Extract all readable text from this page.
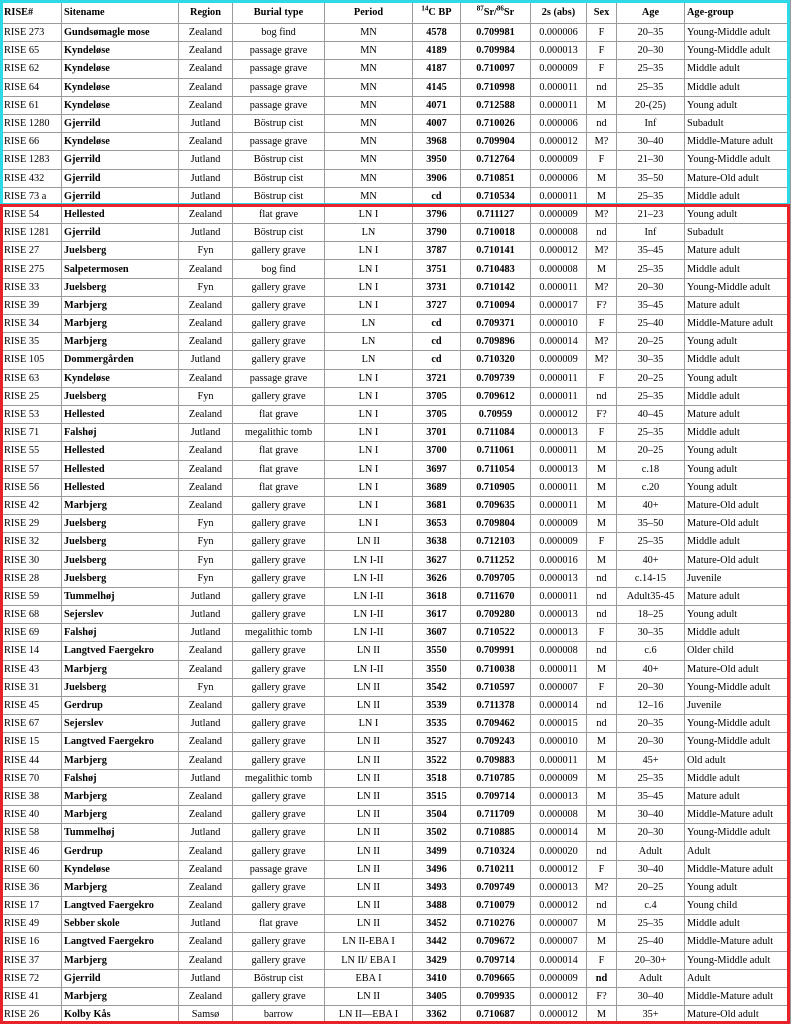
RISE#	Sitename	Region	Burial type	Period	$^{14}$C BP	$^{87}$Sr/$^{86}$Sr	2s (abs)	Sex	Age	Age-group
RISE 273	Gundsømagle mose	Zealand	bog find	MN	4578	0.709981	0.000006	F	20–35	Young-Middle adult
RISE 65	Kyndeløse	Zealand	passage grave	MN	4189	0.709984	0.000013	F	20–30	Young-Middle adult
RISE 62	Kyndeløse	Zealand	passage grave	MN	4187	0.710097	0.000009	F	25–35	Middle adult
RISE 64	Kyndeløse	Zealand	passage grave	MN	4145	0.710998	0.000011	nd	25–35	Middle adult
RISE 61	Kyndeløse	Zealand	passage grave	MN	4071	0.712588	0.000011	M	20-(25)	Young adult
RISE 1280	Gjerrild	Jutland	Böstrup cist	MN	4007	0.710026	0.000006	nd	Inf	Subadult
RISE 66	Kyndeløse	Zealand	passage grave	MN	3968	0.709904	0.000012	M?	30–40	Middle-Mature adult
RISE 1283	Gjerrild	Jutland	Böstrup cist	MN	3950	0.712764	0.000009	F	21–30	Young-Middle adult
RISE 432	Gjerrild	Jutland	Böstrup cist	MN	3906	0.710851	0.000006	M	35–50	Mature-Old adult
RISE 73 a	Gjerrild	Jutland	Böstrup cist	MN	cd	0.710534	0.000011	M	25–35	Middle adult
RISE 54	Hellested	Zealand	flat grave	LN I	3796	0.711127	0.000009	M?	21–23	Young adult
RISE 1281	Gjerrild	Jutland	Böstrup cist	LN	3790	0.710018	0.000008	nd	Inf	Subadult
RISE 27	Juelsberg	Fyn	gallery grave	LN I	3787	0.710141	0.000012	M?	35–45	Mature adult
RISE 275	Salpetermosen	Zealand	bog find	LN I	3751	0.710483	0.000008	M	25–35	Middle adult
RISE 33	Juelsberg	Fyn	gallery grave	LN I	3731	0.710142	0.000011	M?	20–30	Young-Middle adult
RISE 39	Marbjerg	Zealand	gallery grave	LN I	3727	0.710094	0.000017	F?	35–45	Mature adult
RISE 34	Marbjerg	Zealand	gallery grave	LN	cd	0.709371	0.000010	F	25–40	Middle-Mature adult
RISE 35	Marbjerg	Zealand	gallery grave	LN	cd	0.709896	0.000014	M?	20–25	Young adult
RISE 105	Dommergården	Jutland	gallery grave	LN	cd	0.710320	0.000009	M?	30–35	Middle adult
RISE 63	Kyndeløse	Zealand	passage grave	LN I	3721	0.709739	0.000011	F	20–25	Young adult
RISE 25	Juelsberg	Fyn	gallery grave	LN I	3705	0.709612	0.000011	nd	25–35	Middle adult
RISE 53	Hellested	Zealand	flat grave	LN I	3705	0.70959	0.000012	F?	40–45	Mature adult
RISE 71	Falshøj	Jutland	megalithic tomb	LN I	3701	0.711084	0.000013	F	25–35	Middle adult
RISE 55	Hellested	Zealand	flat grave	LN I	3700	0.711061	0.000011	M	20–25	Young adult
RISE 57	Hellested	Zealand	flat grave	LN I	3697	0.711054	0.000013	M	c.18	Young adult
RISE 56	Hellested	Zealand	flat grave	LN I	3689	0.710905	0.000011	M	c.20	Young adult
RISE 42	Marbjerg	Zealand	gallery grave	LN I	3681	0.709635	0.000011	M	40+	Mature-Old adult
RISE 29	Juelsberg	Fyn	gallery grave	LN I	3653	0.709804	0.000009	M	35–50	Mature-Old adult
RISE 32	Juelsberg	Fyn	gallery grave	LN II	3638	0.712103	0.000009	F	25–35	Middle adult
RISE 30	Juelsberg	Fyn	gallery grave	LN I-II	3627	0.711252	0.000016	M	40+	Mature-Old adult
RISE 28	Juelsberg	Fyn	gallery grave	LN I-II	3626	0.709705	0.000013	nd	c.14-15	Juvenile
RISE 59	Tummelhøj	Jutland	gallery grave	LN I-II	3618	0.711670	0.000011	nd	Adult35-45	Mature adult
RISE 68	Sejerslev	Jutland	gallery grave	LN I-II	3617	0.709280	0.000013	nd	18–25	Young adult
RISE 69	Falshøj	Jutland	megalithic tomb	LN I-II	3607	0.710522	0.000013	F	30–35	Middle adult
RISE 14	Langtved Faergekro	Zealand	gallery grave	LN II	3550	0.709991	0.000008	nd	c.6	Older child
RISE 43	Marbjerg	Zealand	gallery grave	LN I-II	3550	0.710038	0.000011	M	40+	Mature-Old adult
RISE 31	Juelsberg	Fyn	gallery grave	LN II	3542	0.710597	0.000007	F	20–30	Young-Middle adult
RISE 45	Gerdrup	Zealand	gallery grave	LN II	3539	0.711378	0.000014	nd	12–16	Juvenile
RISE 67	Sejerslev	Jutland	gallery grave	LN I	3535	0.709462	0.000015	nd	20–35	Young-Middle adult
RISE 15	Langtved Faergekro	Zealand	gallery grave	LN II	3527	0.709243	0.000010	M	20–30	Young-Middle adult
RISE 44	Marbjerg	Zealand	gallery grave	LN II	3522	0.709883	0.000011	M	45+	Old adult
RISE 70	Falshøj	Jutland	megalithic tomb	LN II	3518	0.710785	0.000009	M	25–35	Middle adult
RISE 38	Marbjerg	Zealand	gallery grave	LN II	3515	0.709714	0.000013	M	35–45	Mature adult
RISE 40	Marbjerg	Zealand	gallery grave	LN II	3504	0.711709	0.000008	M	30–40	Middle-Mature adult
RISE 58	Tummelhøj	Jutland	gallery grave	LN II	3502	0.710885	0.000014	M	20–30	Young-Middle adult
RISE 46	Gerdrup	Zealand	gallery grave	LN II	3499	0.710324	0.000020	nd	Adult	Adult
RISE 60	Kyndeløse	Zealand	passage grave	LN II	3496	0.710211	0.000012	F	30–40	Middle-Mature adult
RISE 36	Marbjerg	Zealand	gallery grave	LN II	3493	0.709749	0.000013	M?	20–25	Young adult
RISE 17	Langtved Faergekro	Zealand	gallery grave	LN II	3488	0.710079	0.000012	nd	c.4	Young child
RISE 49	Sebber skole	Jutland	flat grave	LN II	3452	0.710276	0.000007	M	25–35	Middle adult
RISE 16	Langtved Faergekro	Zealand	gallery grave	LN II-EBA I	3442	0.709672	0.000007	M	25–40	Middle-Mature adult
RISE 37	Marbjerg	Zealand	gallery grave	LN II/ EBA I	3429	0.709714	0.000014	F	20–30+	Young-Middle adult
RISE 72	Gjerrild	Jutland	Böstrup cist	EBA I	3410	0.709665	0.000009	nd	Adult	Adult
RISE 41	Marbjerg	Zealand	gallery grave	LN II	3405	0.709935	0.000012	F?	30–40	Middle-Mature adult
RISE 26	Kolby Kås	Samsø	barrow	LN II—EBA I	3362	0.710687	0.000012	M	35+	Mature-Old adult
